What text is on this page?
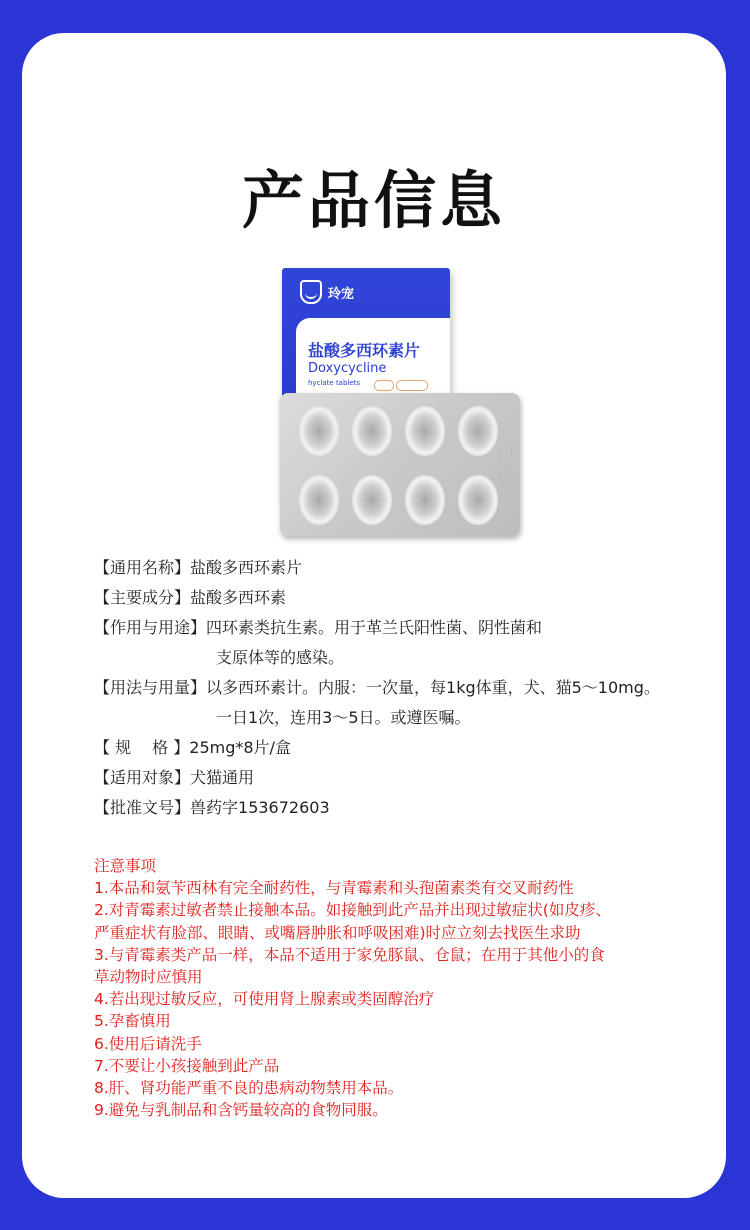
产品信息
玲宠
盐酸多西环素片
Doxycycline
hyclate tablets
【通用名称】盐酸多西环素片
【主要成分】盐酸多西环素
【作用与用途】四环素类抗生素。用于革兰氏阳性菌、阴性菌和
支原体等的感染。
【用法与用量】以多西环素计。内服：一次量，每1kg体重，犬、猫5～10mg。
一日1次，连用3～5日。或遵医嘱。
【 规　 格 】25mg*8片/盒
【适用对象】犬猫通用
【批准文号】兽药字153672603
注意事项
1.本品和氨苄西林有完全耐药性，与青霉素和头孢菌素类有交叉耐药性
2.对青霉素过敏者禁止接触本品。如接触到此产品并出现过敏症状(如皮疹、
严重症状有脸部、眼睛、或嘴唇肿胀和呼吸困难)时应立刻去找医生求助
3.与青霉素类产品一样，本品不适用于家免豚鼠、仓鼠；在用于其他小的食
草动物时应慎用
4.若出现过敏反应，可使用肾上腺素或类固醇治疗
5.孕畜慎用
6.使用后请洗手
7.不要让小孩接触到此产品
8.肝、肾功能严重不良的患病动物禁用本品。
9.避免与乳制品和含钙量较高的食物同服。
